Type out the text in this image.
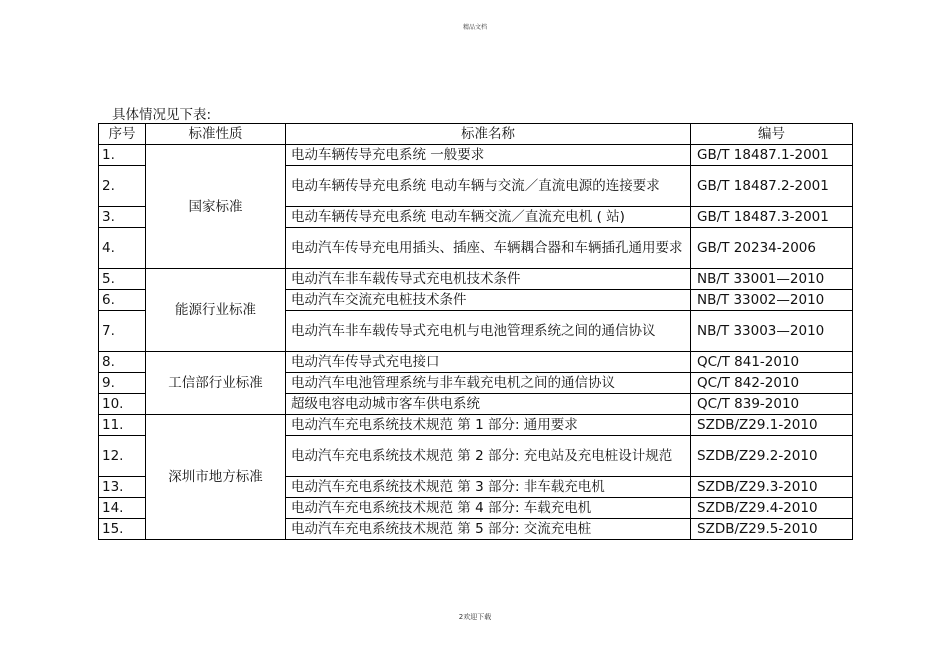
精品文档
具体情况见下表:
序号	标准性质	标准名称	编号
1.	国家标准	电动车辆传导充电系统 一般要求	GB/T 18487.1-2001
2.		电动车辆传导充电系统 电动车辆与交流／直流电源的连接要求	GB/T 18487.2-2001
3.		电动车辆传导充电系统 电动车辆交流／直流充电机 ( 站)	GB/T 18487.3-2001
4.		电动汽车传导充电用插头、插座、车辆耦合器和车辆插孔通用要求	GB/T 20234-2006
5.	能源行业标准	电动汽车非车载传导式充电机技术条件	NB/T 33001—2010
6.		电动汽车交流充电桩技术条件	NB/T 33002—2010
7.		电动汽车非车载传导式充电机与电池管理系统之间的通信协议	NB/T 33003—2010
8.	工信部行业标准	电动汽车传导式充电接口	QC/T 841-2010
9.		电动汽车电池管理系统与非车载充电机之间的通信协议	QC/T 842-2010
10.		超级电容电动城市客车供电系统	QC/T 839-2010
11.	深圳市地方标准	电动汽车充电系统技术规范 第 1 部分: 通用要求	SZDB/Z29.1-2010
12.		电动汽车充电系统技术规范 第 2 部分: 充电站及充电桩设计规范	SZDB/Z29.2-2010
13.		电动汽车充电系统技术规范 第 3 部分: 非车载充电机	SZDB/Z29.3-2010
14.		电动汽车充电系统技术规范 第 4 部分: 车载充电机	SZDB/Z29.4-2010
15.		电动汽车充电系统技术规范 第 5 部分: 交流充电桩	SZDB/Z29.5-2010
2欢迎下载
